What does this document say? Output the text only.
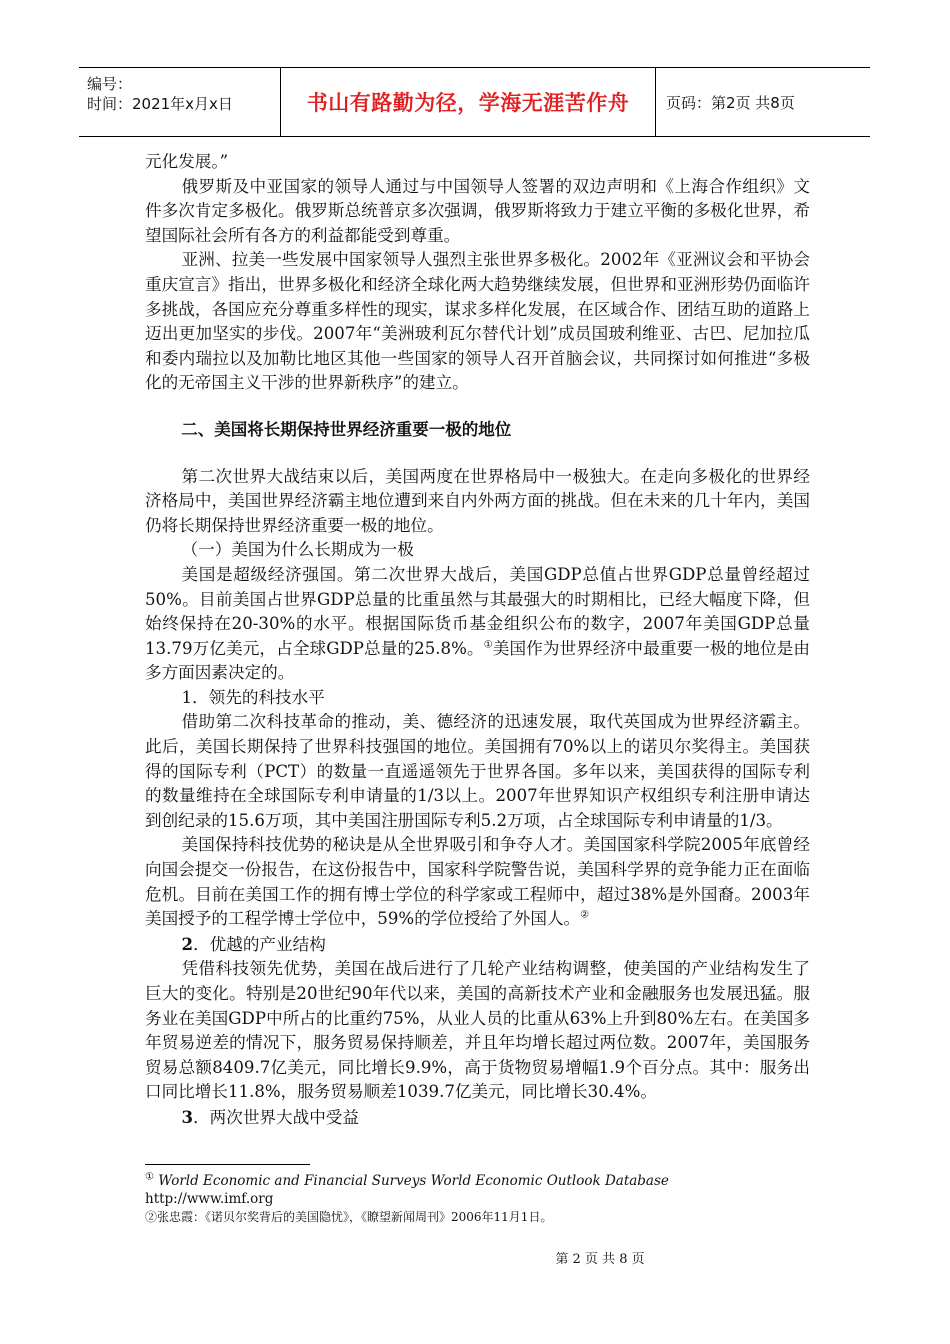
编号：
时间：2021年x月x日	书山有路勤为径，学海无涯苦作舟 页码：第2页 共8页

元化发展。”

俄罗斯及中亚国家的领导人通过与中国领导人签署的双边声明和《上海合作组织》文件多次肯定多极化。俄罗斯总统普京多次强调，俄罗斯将致力于建立平衡的多极化世界，希望国际社会所有各方的利益都能受到尊重。

亚洲、拉美一些发展中国家领导人强烈主张世界多极化。2002年《亚洲议会和平协会重庆宣言》指出，世界多极化和经济全球化两大趋势继续发展，但世界和亚洲形势仍面临许多挑战，各国应充分尊重多样性的现实，谋求多样化发展，在区域合作、团结互助的道路上迈出更加坚实的步伐。2007年“美洲玻利瓦尔替代计划”成员国玻利维亚、古巴、尼加拉瓜和委内瑞拉以及加勒比地区其他一些国家的领导人召开首脑会议，共同探讨如何推进“多极化的无帝国主义干涉的世界新秩序”的建立。

二、美国将长期保持世界经济重要一极的地位

第二次世界大战结束以后，美国两度在世界格局中一极独大。在走向多极化的世界经济格局中，美国世界经济霸主地位遭到来自内外两方面的挑战。但在未来的几十年内，美国仍将长期保持世界经济重要一极的地位。

（一）美国为什么长期成为一极

美国是超级经济强国。第二次世界大战后，美国GDP总值占世界GDP总量曾经超过50%。目前美国占世界GDP总量的比重虽然与其最强大的时期相比，已经大幅度下降，但始终保持在20-30%的水平。根据国际货币基金组织公布的数字，2007年美国GDP总量13.79万亿美元，占全球GDP总量的25.8%。①美国作为世界经济中最重要一极的地位是由多方面因素决定的。

1．领先的科技水平

借助第二次科技革命的推动，美、德经济的迅速发展，取代英国成为世界经济霸主。此后，美国长期保持了世界科技强国的地位。美国拥有70%以上的诺贝尔奖得主。美国获得的国际专利（PCT）的数量一直遥遥领先于世界各国。多年以来，美国获得的国际专利的数量维持在全球国际专利申请量的1/3以上。2007年世界知识产权组织专利注册申请达到创纪录的15.6万项，其中美国注册国际专利5.2万项，占全球国际专利申请量的1/3。

美国保持科技优势的秘诀是从全世界吸引和争夺人才。美国国家科学院2005年底曾经向国会提交一份报告，在这份报告中，国家科学院警告说，美国科学界的竞争能力正在面临危机。目前在美国工作的拥有博士学位的科学家或工程师中，超过38%是外国裔。2003年美国授予的工程学博士学位中，59%的学位授给了外国人。②

2．优越的产业结构

凭借科技领先优势，美国在战后进行了几轮产业结构调整，使美国的产业结构发生了巨大的变化。特别是20世纪90年代以来，美国的高新技术产业和金融服务也发展迅猛。服务业在美国GDP中所占的比重约75%，从业人员的比重从63%上升到80%左右。在美国多年贸易逆差的情况下，服务贸易保持顺差，并且年均增长超过两位数。2007年，美国服务贸易总额8409.7亿美元，同比增长9.9%，高于货物贸易增幅1.9个百分点。其中：服务出口同比增长11.8%，服务贸易顺差1039.7亿美元，同比增长30.4%。

3．两次世界大战中受益

① World Economic and Financial Surveys World Economic Outlook Database
http://www.imf.org
②张忠霞：《诺贝尔奖背后的美国隐忧》，《瞭望新闻周刊》2006年11月1日。
第 2 页 共 8 页
